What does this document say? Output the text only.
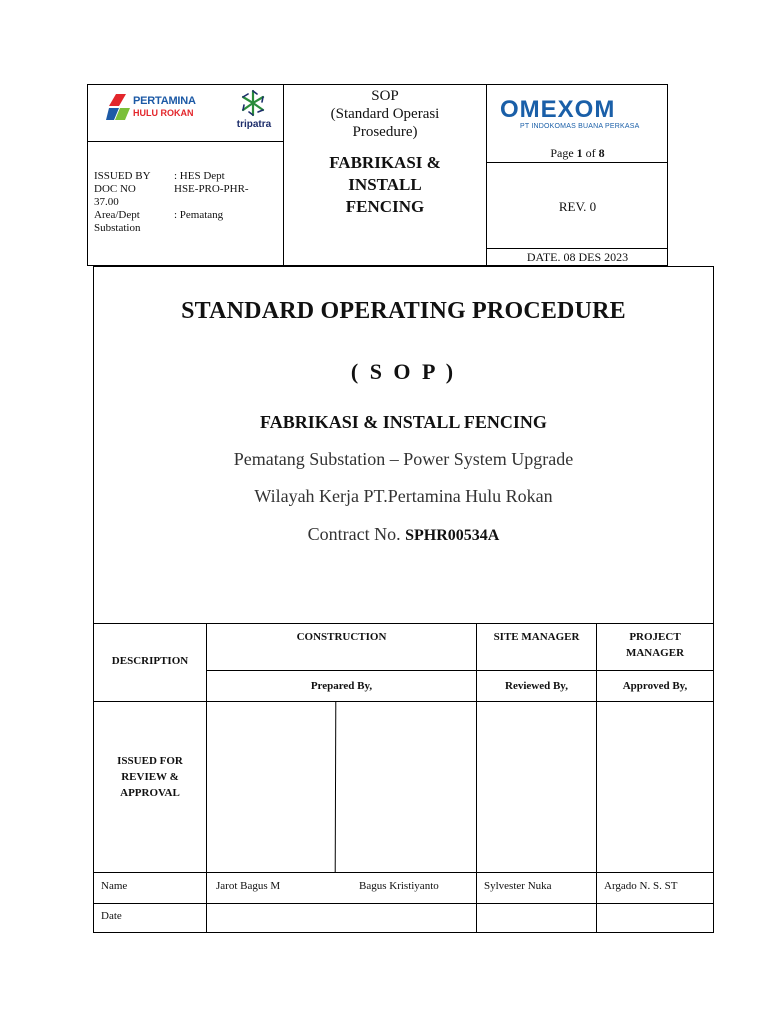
PERTAMINA
HULU ROKAN
tripatra
ISSUED BY : HES Dept
DOC NO	HSE-PRO-PHR-
37.00
Area/Dept	: Pematang
Substation
SOP
(Standard Operasi
Prosedure)
FABRIKASI &
INSTALL
FENCING
OMEXOM
PT INDOKOMAS BUANA PERKASA
Page 1 of 8
REV. 0
DATE. 08 DES 2023
STANDARD OPERATING PROCEDURE
( S O P )
FABRIKASI & INSTALL FENCING
Pematang Substation – Power System Upgrade
Wilayah Kerja PT.Pertamina Hulu Rokan
Contract No. SPHR00534A
DESCRIPTION
CONSTRUCTION	SITE MANAGER	PROJECT MANAGER
Prepared By,	Reviewed By,	Approved By,
ISSUED FOR REVIEW & APPROVAL
Name	Jarot Bagus M	Bagus Kristiyanto	Sylvester Nuka	Argado N. S. ST
Date
